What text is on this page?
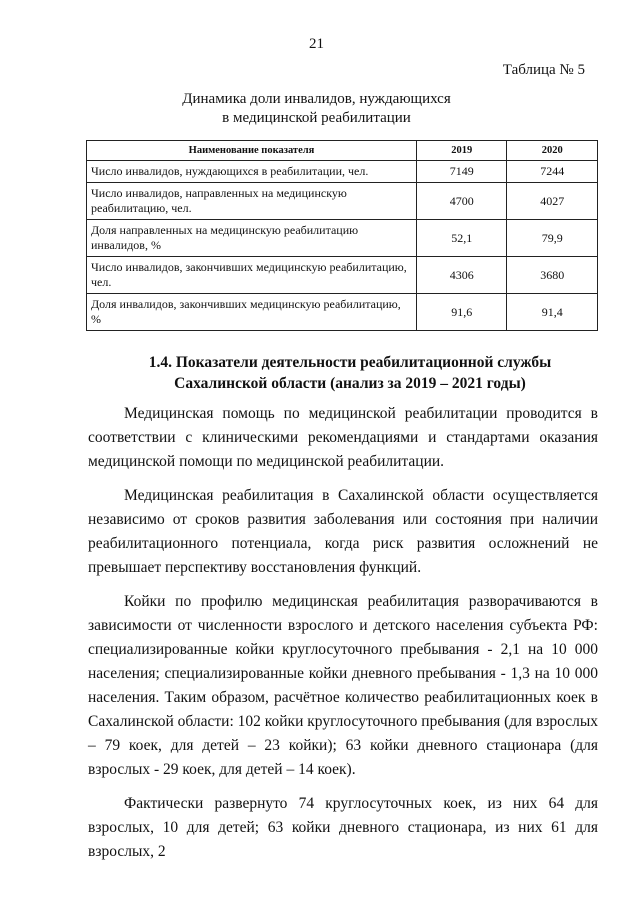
21
Таблица № 5
Динамика доли инвалидов, нуждающихся
в медицинской реабилитации
Наименование показателя	2019	2020
Число инвалидов, нуждающихся в реабилитации, чел.	7149	7244
Число инвалидов, направленных на медицинскую реабилитацию, чел.	4700	4027
Доля направленных на медицинскую реабилитацию инвалидов, %	52,1	79,9
Число инвалидов, закончивших медицинскую реабилитацию, чел.	4306	3680
Доля инвалидов, закончивших медицинскую реабилитацию, %	91,6	91,4
1.4. Показатели деятельности реабилитационной службы
Сахалинской области (анализ за 2019 – 2021 годы)

Медицинская помощь по медицинской реабилитации проводится в соответствии с клиническими рекомендациями и стандартами оказания медицинской помощи по медицинской реабилитации.

Медицинская реабилитация в Сахалинской области осуществляется независимо от сроков развития заболевания или состояния при наличии реабилитационного потенциала, когда риск развития осложнений не превышает перспективу восстановления функций.

Койки по профилю медицинская реабилитация разворачиваются в зависимости от численности взрослого и детского населения субъекта РФ: специализированные койки круглосуточного пребывания - 2,1 на 10 000 населения; специализированные койки дневного пребывания - 1,3 на 10 000 населения. Таким образом, расчётное количество реабилитационных коек в Сахалинской области: 102 койки круглосуточного пребывания (для взрослых – 79 коек, для детей – 23 койки); 63 койки дневного стационара (для взрослых - 29 коек, для детей – 14 коек).

Фактически развернуто 74 круглосуточных коек, из них 64 для взрослых, 10 для детей; 63 койки дневного стационара, из них 61 для взрослых, 2
